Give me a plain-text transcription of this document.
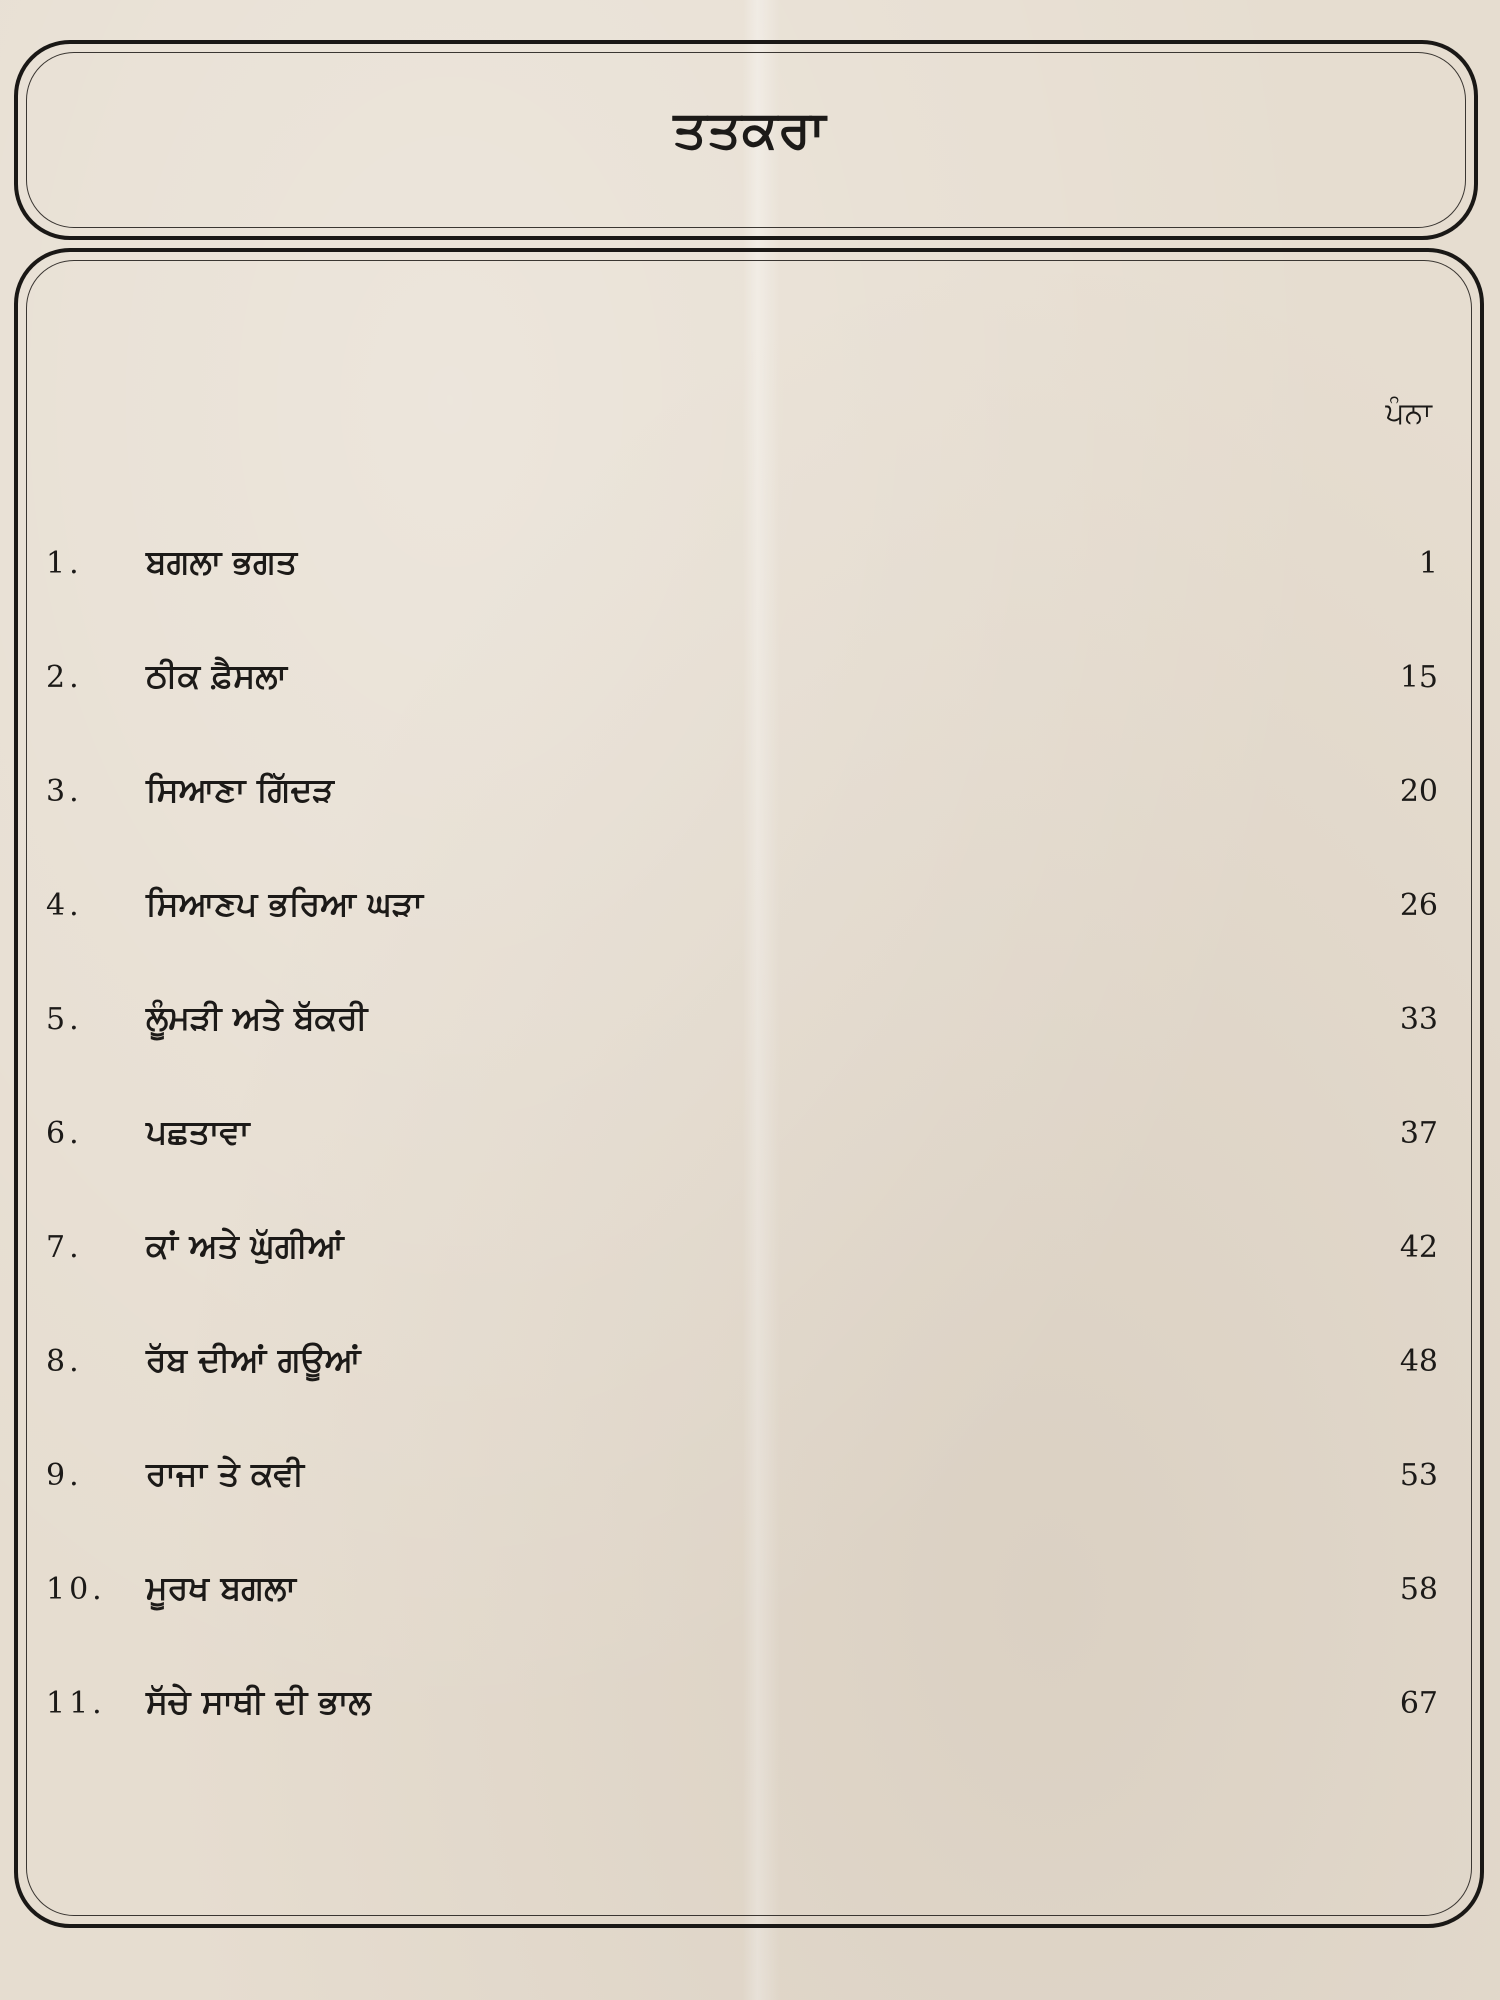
ਤਤਕਰਾ
ਪੰਨਾ
1. ਬਗਲਾ ਭਗਤ	1
2. ਠੀਕ ਫ਼ੈਸਲਾ	15
3. ਸਿਆਣਾ ਗਿੱਦੜ	20
4. ਸਿਆਣਪ ਭਰਿਆ ਘੜਾ	26
5. ਲੂੰਮੜੀ ਅਤੇ ਬੱਕਰੀ	33
6. ਪਛਤਾਵਾ	37
7. ਕਾਂ ਅਤੇ ਘੁੱਗੀਆਂ	42
8. ਰੱਬ ਦੀਆਂ ਗਊਆਂ	48
9. ਰਾਜਾ ਤੇ ਕਵੀ	53
10. ਮੂਰਖ ਬਗਲਾ	58
11. ਸੱਚੇ ਸਾਥੀ ਦੀ ਭਾਲ	67
